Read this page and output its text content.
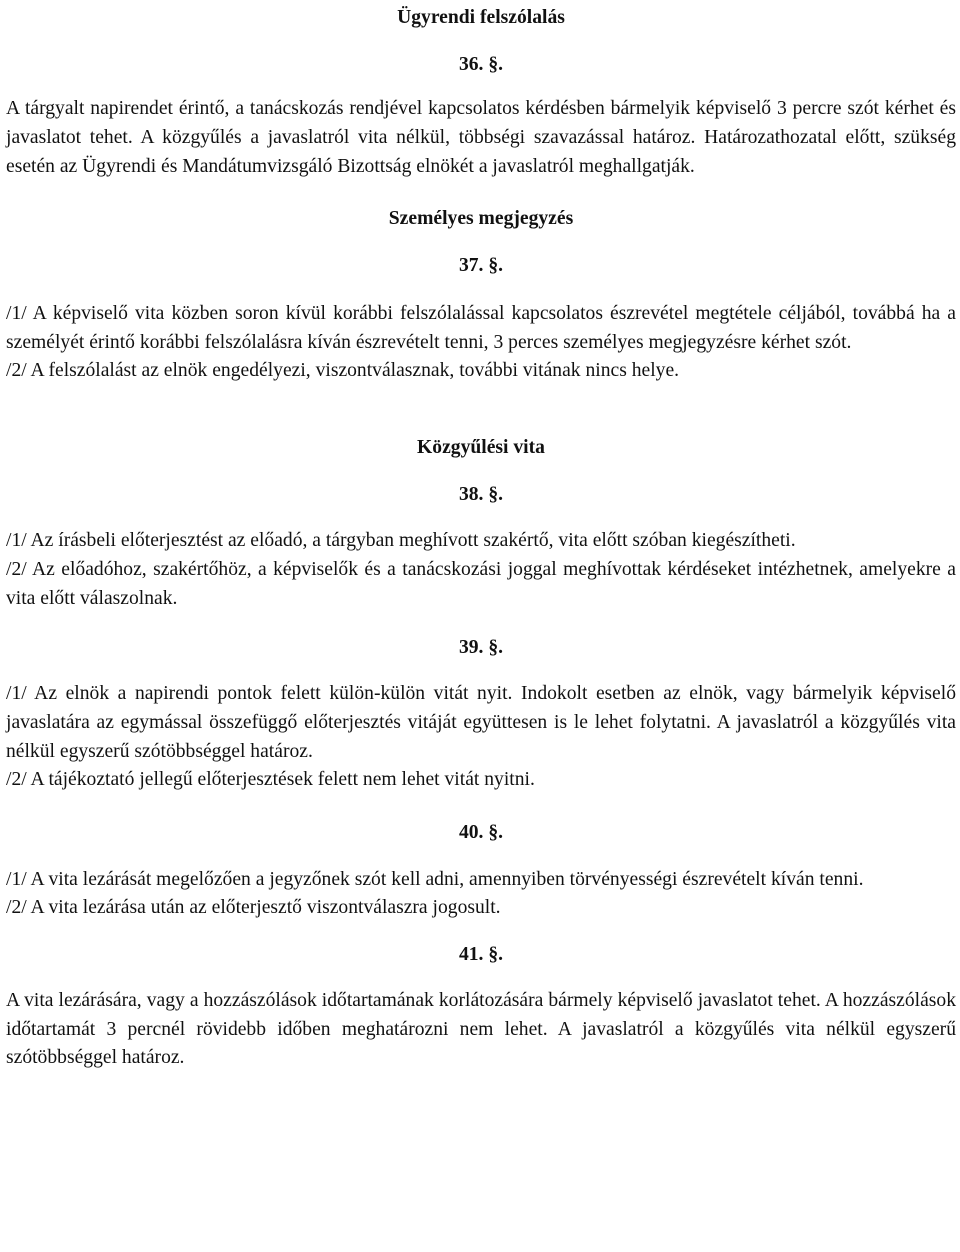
Ügyrendi felszólalás

36. §.

A tárgyalt napirendet érintő, a tanácskozás rendjével kapcsolatos kérdésben bármelyik képviselő 3 percre szót kérhet és javaslatot tehet. A közgyűlés a javaslatról vita nélkül, többségi szavazással határoz. Határozathozatal előtt, szükség esetén az Ügyrendi és Mandátumvizsgáló Bizottság elnökét a javaslatról meghallgatják.

Személyes megjegyzés

37. §.

/1/ A képviselő vita közben soron kívül korábbi felszólalással kapcsolatos észrevétel megtétele céljából, továbbá ha a személyét érintő korábbi felszólalásra kíván észrevételt tenni, 3 perces személyes megjegyzésre kérhet szót.

/2/ A felszólalást az elnök engedélyezi, viszontválasznak, további vitának nincs helye.

Közgyűlési vita

38. §.

/1/ Az írásbeli előterjesztést az előadó, a tárgyban meghívott szakértő, vita előtt szóban kiegészítheti.

/2/ Az előadóhoz, szakértőhöz, a képviselők és a tanácskozási joggal meghívottak kérdéseket intézhetnek, amelyekre a vita előtt válaszolnak.

39. §.

/1/ Az elnök a napirendi pontok felett külön-külön vitát nyit. Indokolt esetben az elnök, vagy bármelyik képviselő javaslatára az egymással összefüggő előterjesztés vitáját együttesen is le lehet folytatni. A javaslatról a közgyűlés vita nélkül egyszerű szótöbbséggel határoz.

/2/ A tájékoztató jellegű előterjesztések felett nem lehet vitát nyitni.

40. §.

/1/ A vita lezárását megelőzően a jegyzőnek szót kell adni, amennyiben törvényességi észrevételt kíván tenni.

/2/ A vita lezárása után az előterjesztő viszontválaszra jogosult.

41. §.

A vita lezárására, vagy a hozzászólások időtartamának korlátozására bármely képviselő javaslatot tehet. A hozzászólások időtartamát 3 percnél rövidebb időben meghatározni nem lehet. A javaslatról a közgyűlés vita nélkül egyszerű szótöbbséggel határoz.
